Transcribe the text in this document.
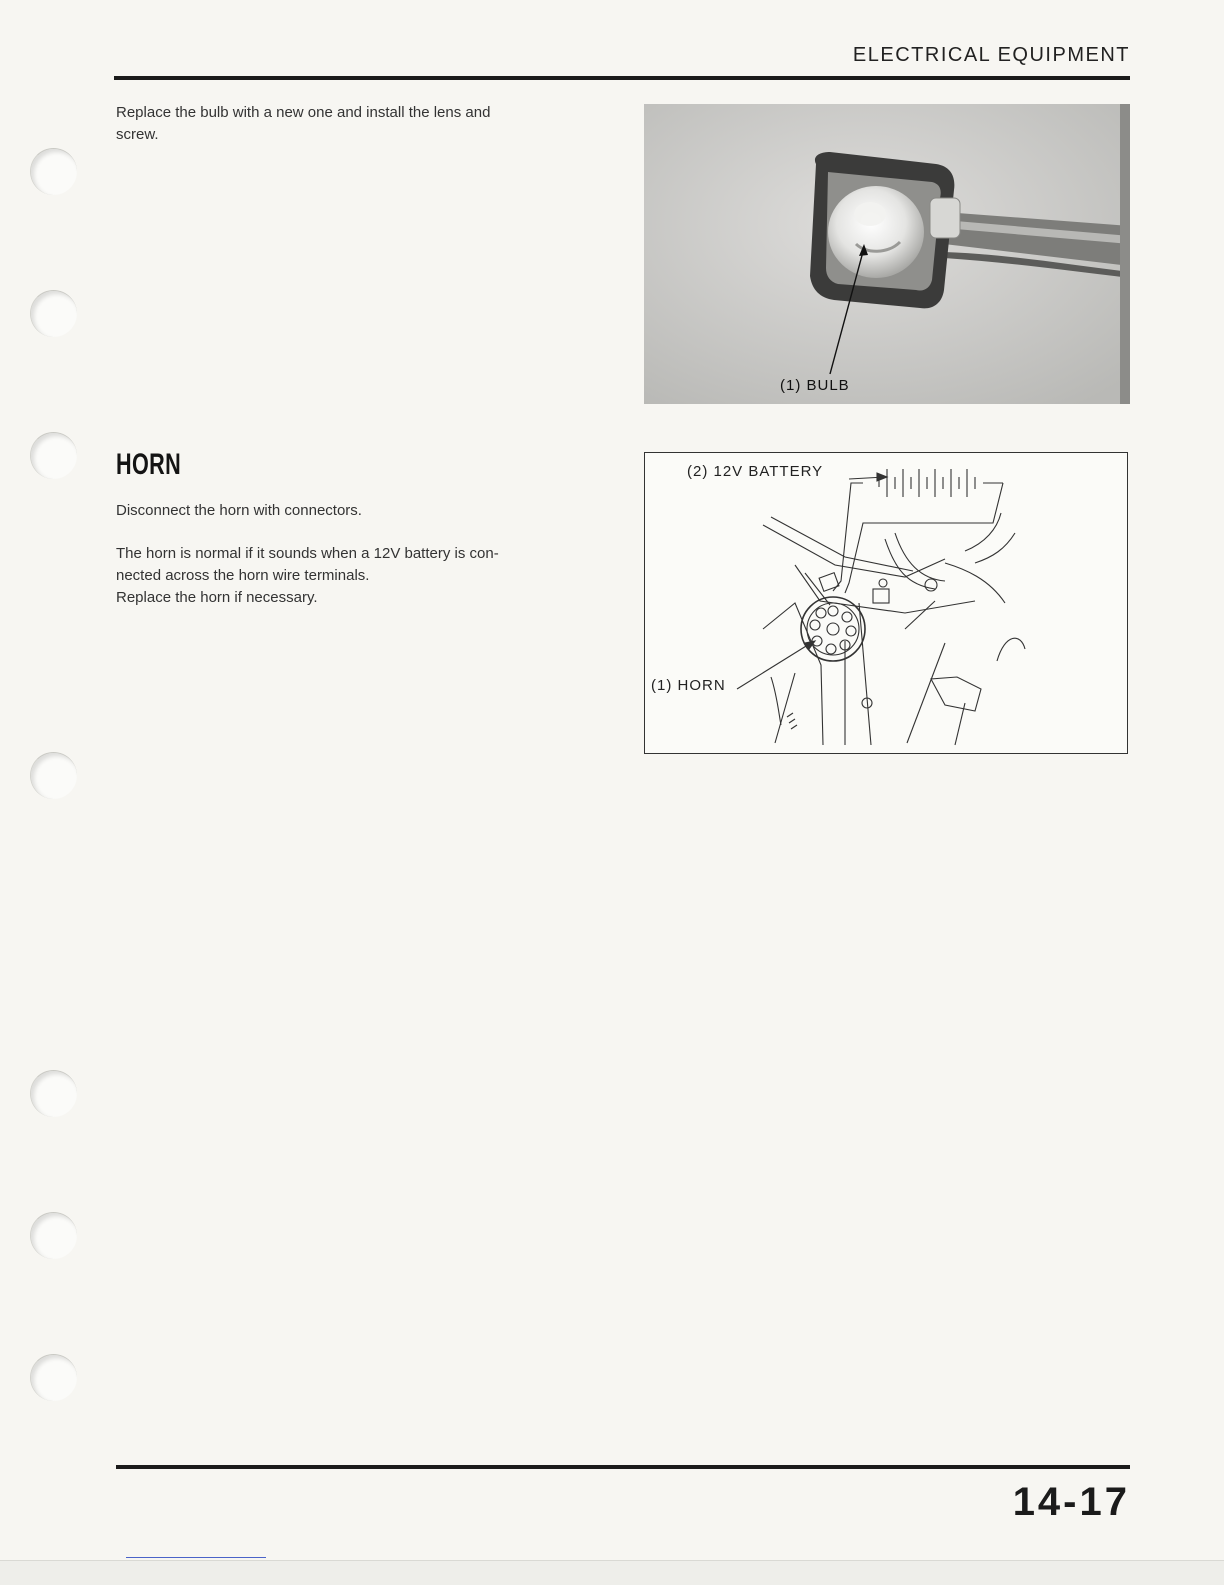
ELECTRICAL EQUIPMENT

Replace the bulb with a new one and install the lens and

screw.

(1) BULB
HORN

Disconnect the horn with connectors.

The horn is normal if it sounds when a 12V battery is con-

nected across the horn wire terminals.

Replace the horn if necessary.

(2) 12V BATTERY
(1) HORN
14-17
